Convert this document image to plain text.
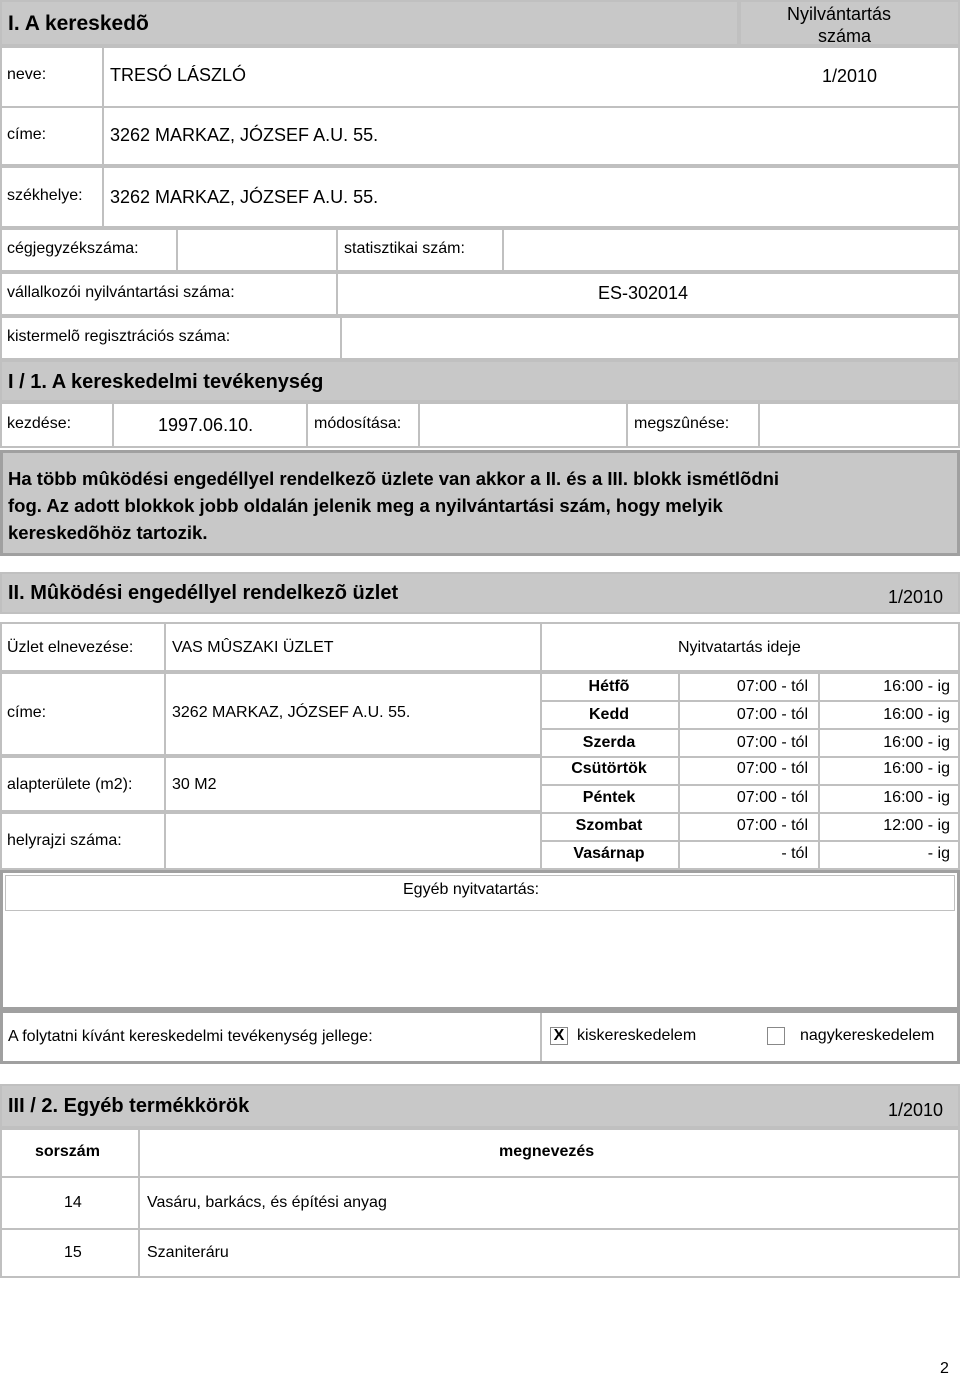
I. A kereskedõ	Nyilvántartás
száma
neve:	TRESÓ LÁSZLÓ	1/2010
címe:	3262 MARKAZ, JÓZSEF A.U. 55.
székhelye: 3262 MARKAZ, JÓZSEF A.U. 55.
cégjegyzékszáma:	statisztikai szám:
vállalkozói nyilvántartási száma:	ES-302014
kistermelõ regisztrációs száma:
I / 1. A kereskedelmi tevékenység
kezdése:	1997.06.10.	módosítása:	megszûnése:
Ha több mûködési engedéllyel rendelkezõ üzlete van akkor a II. és a III. blokk ismétlõdni
fog. Az adott blokkok jobb oldalán jelenik meg a nyilvántartási szám, hogy melyik
kereskedõhöz tartozik.
II. Mûködési engedéllyel rendelkezõ üzlet	1/2010
Üzlet elnevezése: VAS MÛSZAKI ÜZLET	Nyitvatartás ideje
címe:	3262 MARKAZ, JÓZSEF A.U. 55.
alapterülete (m2): 30 M2
helyrajzi száma:
Hétfõ	07:00 - tól	16:00 - ig
Kedd	07:00 - tól	16:00 - ig
Szerda	07:00 - tól	16:00 - ig
Csütörtök	07:00 - tól	16:00 - ig
Péntek	07:00 - tól	16:00 - ig
Szombat	07:00 - tól	12:00 - ig
Vasárnap	- tól	- ig
Egyéb nyitvatartás:
A folytatni kívánt kereskedelmi tevékenység jellege:	X kiskereskedelem	nagykereskedelem
III / 2. Egyéb termékkörök	1/2010
sorszám	megnevezés
14	Vasáru, barkács, és építési anyag
15	Szaniteráru
2
